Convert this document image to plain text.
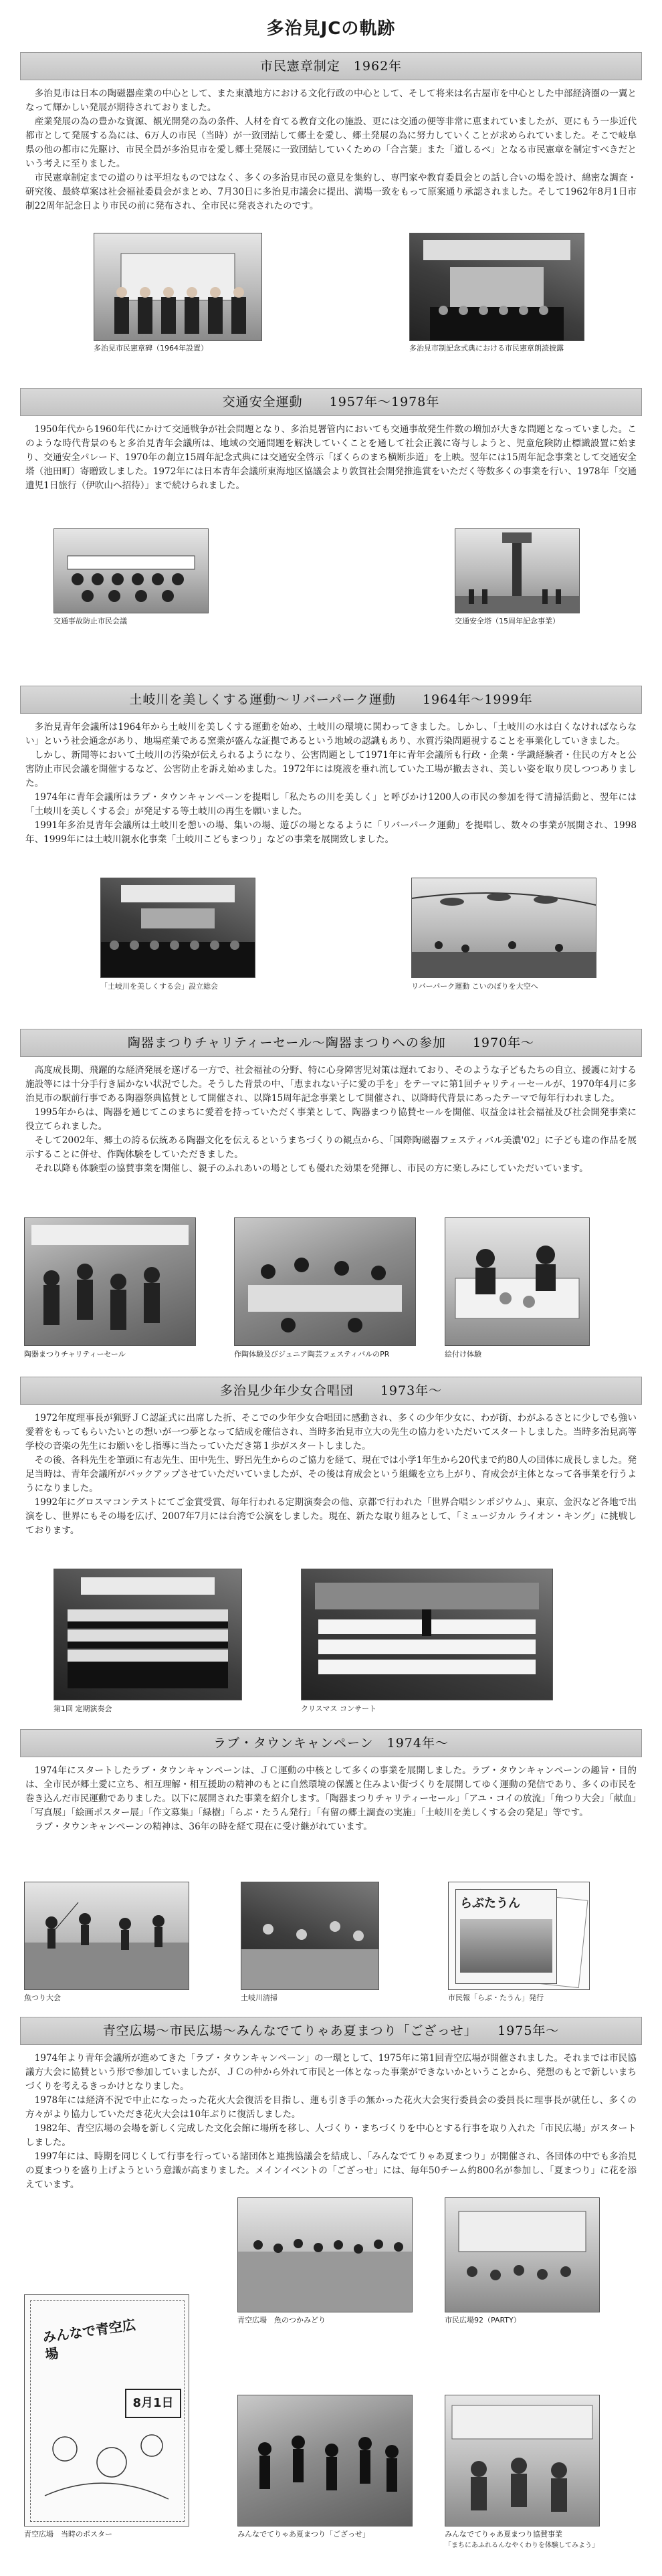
多治見JCの軌跡
市民憲章制定　1962年

多治見市は日本の陶磁器産業の中心として、また東濃地方における文化行政の中心として、そして将来は名古屋市を中心とした中部経済圏の一翼となって輝かしい発展が期待されておりました。

産業発展の為の豊かな資源、観光開発の為の条件、人材を育てる教育文化の施設、更には交通の便等非常に恵まれていましたが、更にもう一歩近代都市として発展する為には、6万人の市民（当時）が一致団結して郷土を愛し、郷土発展の為に努力していくことが求められていました。そこで岐阜県の他の都市に先駆け、市民全員が多治見市を愛し郷土発展に一致団結していくための「合言葉」また「道しるべ」となる市民憲章を制定すべきだという考えに至りました。

市民憲章制定までの道のりは平坦なものではなく、多くの多治見市民の意見を集約し、専門家や教育委員会との話し合いの場を設け、綿密な調査・研究後、最終草案は社会福祉委員会がまとめ、7月30日に多治見市議会に提出、満場一致をもって原案通り承認されました。そして1962年8月1日市制22周年記念日より市民の前に発布され、全市民に発表されたのです。

多治見市民憲章碑（1964年設置）	多治見市制記念式典における市民憲章朗読披露
交通安全運動　　1957年～1978年

1950年代から1960年代にかけて交通戦争が社会問題となり、多治見署管内においても交通事故発生件数の増加が大きな問題となっていました。このような時代背景のもと多治見青年会議所は、地域の交通問題を解決していくことを通して社会正義に寄与しようと、児童危険防止標識設置に始まり、交通安全パレード、1970年の創立15周年記念式典には交通安全啓示「ぼくらのまち横断歩道」を上映。翌年には15周年記念事業として交通安全塔（池田町）寄贈致しました。1972年には日本青年会議所東海地区協議会より敦賀社会開発推進賞をいただく等数多くの事業を行い、1978年「交通遺児1日旅行（伊吹山へ招待）」まで続けられました。

交通事故防止市民会議	交通安全塔（15周年記念事業）
土岐川を美しくする運動～リバーパーク運動　　1964年～1999年

多治見青年会議所は1964年から土岐川を美しくする運動を始め、土岐川の環境に関わってきました。しかし、「土岐川の水は白くなければならない」という社会通念があり、地場産業である窯業が盛んな証拠であるという地域の認識もあり、水質汚染問題視することを事業化していきました。

しかし、新聞等において土岐川の汚染が伝えられるようになり、公害問題として1971年に青年会議所も行政・企業・学識経験者・住民の方々と公害防止市民会議を開催するなど、公害防止を訴え始めました。1972年には廃液を垂れ流していた工場が撤去され、美しい姿を取り戻しつつありました。

1974年に青年会議所はラブ・タウンキャンペーンを提唱し「私たちの川を美しく」と呼びかけ1200人の市民の参加を得て清掃活動と、翌年には「土岐川を美しくする会」が発足する等土岐川の再生を願いました。

1991年多治見青年会議所は土岐川を憩いの場、集いの場、遊びの場となるように「リバーパーク運動」を提唱し、数々の事業が展開され、1998年、1999年には土岐川親水化事業「土岐川こどもまつり」などの事業を展開致しました。

「土岐川を美しくする会」設立総会	リバーパーク運動 こいのぼりを大空へ
陶器まつりチャリティーセール～陶器まつりへの参加　　1970年～

高度成長期、飛躍的な経済発展を遂げる一方で、社会福祉の分野、特に心身障害児対策は遅れており、そのような子どもたちの自立、援護に対する施設等には十分手行き届かない状況でした。そうした背景の中、「恵まれない子に愛の手を」をテーマに第1回チャリティーセールが、1970年4月に多治見市の駅前行事である陶器祭典協賛として開催され、以降15周年記念事業として開催され、以降時代背景にあったテーマで毎年行われました。

1995年からは、陶器を通じてこのまちに愛着を持っていただく事業として、陶器まつり協賛セールを開催、収益金は社会福祉及び社会開発事業に役立てられました。

そして2002年、郷土の誇る伝統ある陶器文化を伝えるというまちづくりの観点から、「国際陶磁器フェスティバル美濃'02」に子ども達の作品を展示することに併せ、作陶体験をしていただきました。

それ以降も体験型の協賛事業を開催し、親子のふれあいの場としても優れた効果を発揮し、市民の方に楽しみにしていただいています。

陶器まつりチャリティーセール	作陶体験及びジュニア陶芸フェスティバルのPR	絵付け体験
多治見少年少女合唱団　　1973年～

1972年度理事長が猟野ＪＣ認証式に出席した折、そこでの少年少女合唱団に感動され、多くの少年少女に、わが街、わがふるさとに少しでも強い愛着をもってもらいたいとの想いが一つ夢となって結成を確信され、当時多治見市立大の先生の協力をいただいてスタートしました。当時多治見高等学校の音楽の先生にお願いをし指導に当たっていただき第１歩がスタートしました。

その後、各科先生を筆頭に有志先生、田中先生、野呂先生からのご協力を経て、現在では小学1年生から20代まで約80人の団体に成長しました。発足当時は、青年会議所がバックアップさせていただいていましたが、その後は育成会という組織を立ち上がり、育成会が主体となって各事業を行うようになりました。

1992年にグロスマコンテストにてご金賞受賞、毎年行われる定期演奏会の他、京都で行われた「世界合唱シンポジウム」、東京、金沢など各地で出演をし、世界にもその場を広げ、2007年7月には台湾で公演をしました。現在、新たな取り組みとして、「ミュージカル ライオン・キング」に挑戦しております。

第1回 定期演奏会	クリスマス コンサート
ラブ・タウンキャンペーン　1974年～

1974年にスタートしたラブ・タウンキャンペーンは、ＪＣ運動の中核として多くの事業を展開しました。ラブ・タウンキャンペーンの趣旨・目的は、全市民が郷土愛に立ち、相互理解・相互援助の精神のもとに自然環境の保護と住みよい街づくりを展開してゆく運動の発信であり、多くの市民を巻き込んだ市民運動でありました。以下に展開された事業を紹介します。「陶器まつりチャリティーセール」「アユ・コイの放流」「角つり大会」「献血」「写真展」「絵画ポスター展」「作文募集」「緑樹」「らぶ・たうん発行」「有留の郷土調査の実施」「土岐川を美しくする会の発足」等です。

ラブ・タウンキャンペーンの精神は、36年の時を経て現在に受け継がれています。

魚つり大会	土岐川清掃
らぶたうん
市民報「らぶ・たうん」発行
青空広場～市民広場～みんなでてりゃあ夏まつり「ござっせ」　　1975年～

1974年より青年会議所が進めてきた「ラブ・タウンキャンペーン」の一環として、1975年に第1回青空広場が開催されました。それまでは市民協議方大会に協賛という形で参加していましたが、ＪＣの仲から外れて市民と一体となった事業ができないかということから、発想のもとで新しいまちづくりを考えるきっかけとなりました。

1978年には経済不況で中止になったった花火大会復活を目指し、蓮も引き手の無かった花火大会実行委員会の委員長に理事長が就任し、多くの方々がより協力していただき花火大会は10年ぶりに復活しました。

1982年、青空広場の会場を新しく完成した文化会館に場所を移し、人づくり・まちづくりを中心とする行事を取り入れた「市民広場」がスタートしました。

1997年には、時期を同じくして行事を行っている諸団体と連携協議会を結成し、「みんなでてりゃあ夏まつり」が開催され、各団体の中でも多治見の夏まつりを盛り上げようという意識が高まりました。メインイベントの「ござっせ」には、毎年50チーム約800名が参加し、「夏まつり」に花を添えています。

みんなで青空広場
8月1日
青空広場　当時のポスター
青空広場　魚のつかみどり	市民広場92（PARTY）
みんなでてりゃあ夏まつり「ござっせ」	みんなでてりゃあ夏まつり協賛事業
「まちにあふれるんなやくわりを体験してみよう」
